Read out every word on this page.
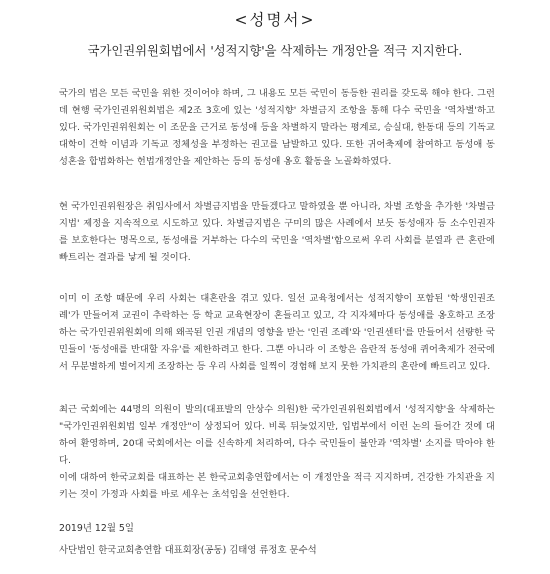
<성명서>
국가인권위원회법에서 '성적지향'을 삭제하는 개정안을 적극 지지한다.
국가의 법은 모든 국민을 위한 것이어야 하며, 그 내용도 모든 국민이 동등한 권리를 갖도록 해야 한다. 그런데 현행 국가인권위원회법은 제2조 3호에 있는 '성적지향' 차별금지 조항을 통해 다수 국민을 '역차별'하고 있다. 국가인권위원회는 이 조문을 근거로 동성애 등을 차별하지 말라는 평계로, 승실대, 한동대 등의 기독교대학이 건학 이념과 기독교 정체성을 부정하는 권고를 남발하고 있다. 또한 귀어축제에 참여하고 동성애 동성혼을 합법화하는 헌법개정안을 제안하는 등의 동성애 옹호 활동을 노골화하였다.
현 국가인권위원장은 취임사에서 차별금지법을 만들겠다고 말하였을 뿐 아니라, 차별 조항을 추가한 '차별금지법' 제정을 지속적으로 시도하고 있다. 차별금지법은 구미의 많은 사례에서 보듯 동성애자 등 소수인권자를 보호한다는 명목으로, 동성애를 거부하는 다수의 국민을 '역차별'함으로써 우리 사회를 분열과 큰 혼란에 빠트리는 결과를 낳게 될 것이다.
이미 이 조항 때문에 우리 사회는 대혼란을 겪고 있다. 일선 교육청에서는 성적지향이 포함된 '학생인권조례'가 만들어져 교권이 추락하는 등 학교 교육현장이 혼들리고 있고, 각 지자체마다 동성애를 옹호하고 조장하는 국가인권위원회에 의해 왜곡된 인권 개념의 영향을 받는 '인권 조례'와 '인권센터'를 만들어서 선량한 국민들이 '동성애를 반대할 자유'를 제한하려고 한다. 그뿐 아니라 이 조항은 음란적 동성애 퀴어축제가 전국에서 무분별하게 벌어지게 조장하는 등 우리 사회를 일찍이 경험해 보지 못한 가치관의 혼란에 빠트리고 있다.
최근 국회에는 44명의 의원이 발의(대표발의 안상수 의원)한 국가인권위원회법에서 '성적지향'을 삭제하는 "국가인권위원회법 일부 개정안"이 상정되어 있다. 비록 뒤늦었지만, 입법부에서 이런 논의 들어간 것에 대하여 환영하며, 20대 국회에서는 이를 신속하게 처리하여, 다수 국민들이 불안과 '역차별' 소지를 막아야 한다.
이에 대하여 한국교회를 대표하는 본 한국교회총연합에서는 이 개정안을 적극 지지하며, 건강한 가치관을 지키는 것이 가정과 사회를 바로 세우는 초석임을 선언한다.
2019년 12월 5일
사단법인 한국교회총연합 대표회장(공동) 김태영 류정호 문수석
